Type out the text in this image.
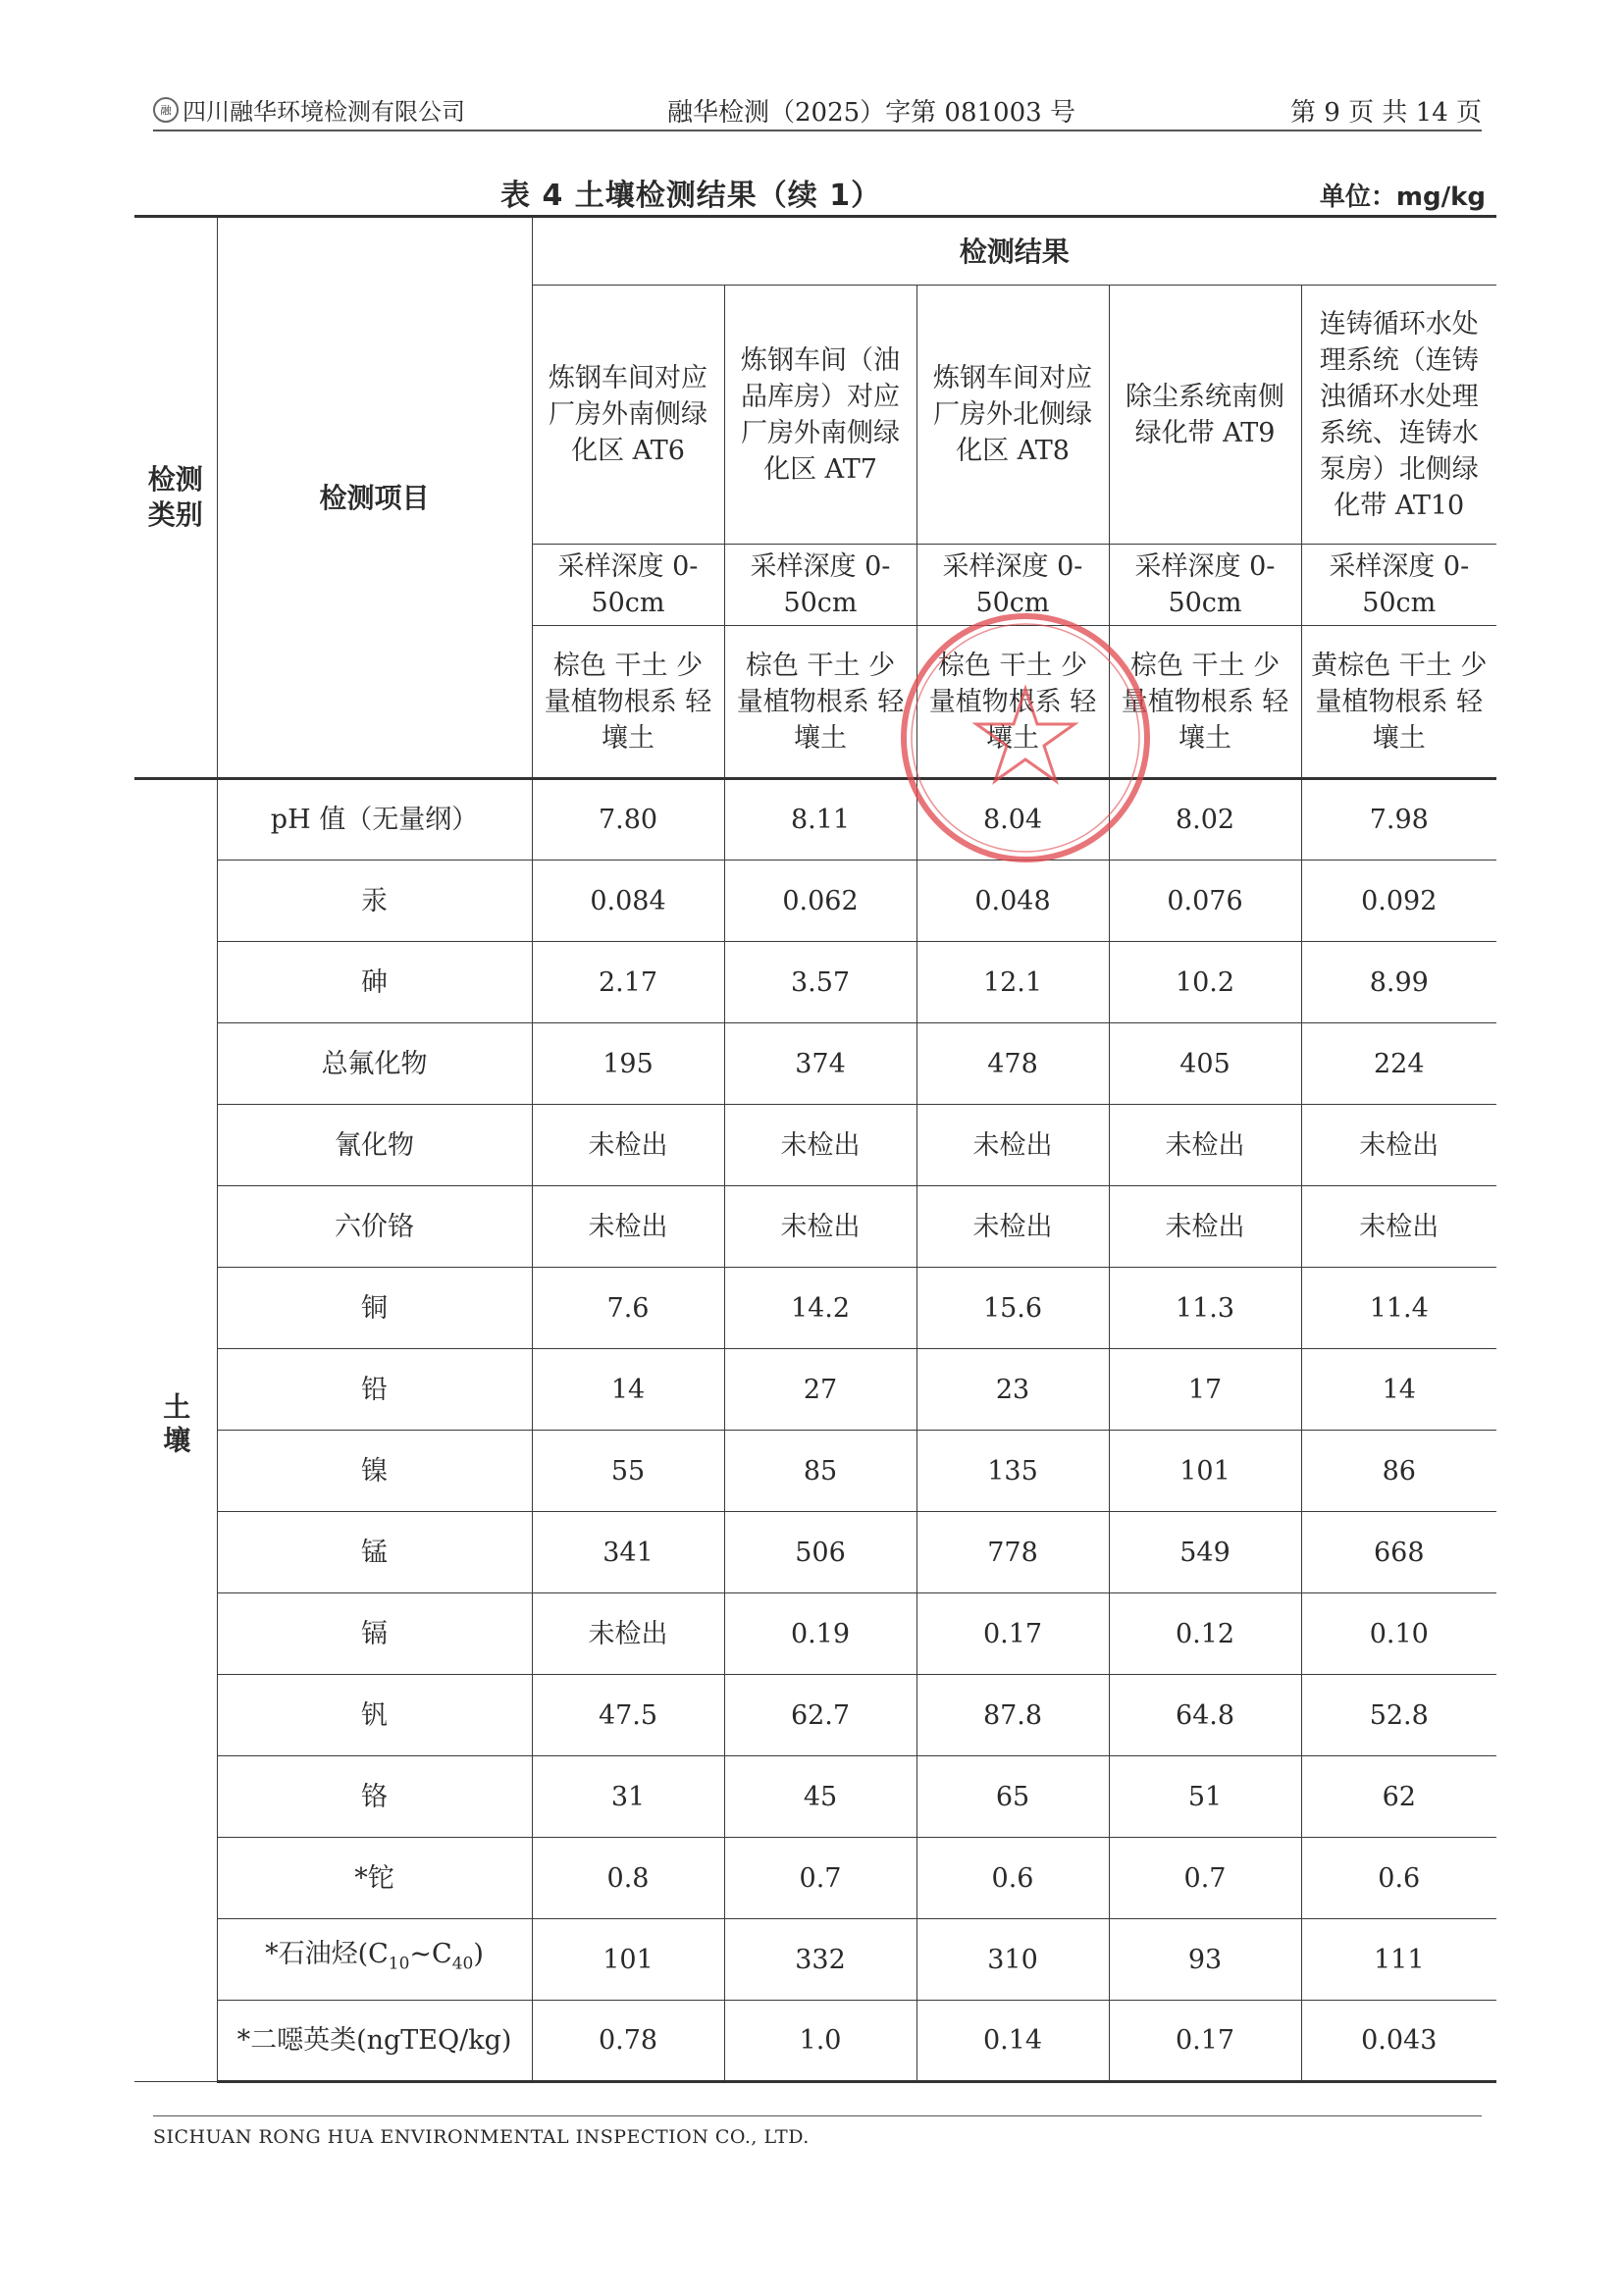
融 四川融华环境检测有限公司	融华检测（2025）字第 081003 号	第 9 页 共 14 页
表 4 土壤检测结果（续 1）	单位：mg/kg
检测类别	检测项目	检测结果				
		炼钢车间对应厂房外南侧绿化区 AT6	炼钢车间（油品库房）对应厂房外南侧绿化区 AT7	炼钢车间对应厂房外北侧绿化区 AT8	除尘系统南侧绿化带 AT9	连铸循环水处理系统（连铸浊循环水处理系统、连铸水泵房）北侧绿化带 AT10
		采样深度 0-50cm	采样深度 0-50cm	采样深度 0-50cm	采样深度 0-50cm	采样深度 0-50cm
		棕色 干土 少量植物根系 轻壤土	棕色 干土 少量植物根系 轻壤土	棕色 干土 少量植物根系 轻壤土	棕色 干土 少量植物根系 轻壤土	黄棕色 干土 少量植物根系 轻壤土
土壤	pH 值（无量纲）	7.80	8.11	8.04	8.02	7.98
	汞	0.084	0.062	0.048	0.076	0.092
	砷	2.17	3.57	12.1	10.2	8.99
	总氟化物	195	374	478	405	224
	氰化物	未检出	未检出	未检出	未检出	未检出
	六价铬	未检出	未检出	未检出	未检出	未检出
	铜	7.6	14.2	15.6	11.3	11.4
	铅	14	27	23	17	14
	镍	55	85	135	101	86
	锰	341	506	778	549	668
	镉	未检出	0.19	0.17	0.12	0.10
	钒	47.5	62.7	87.8	64.8	52.8
	铬	31	45	65	51	62
	*铊	0.8	0.7	0.6	0.7	0.6
	*石油烃$(C_{10}\sim C_{40})$	101	332	310	93	111
	*二噁英类(ngTEQ/kg)	0.78	1.0	0.14	0.17	0.043
SICHUAN RONG HUA ENVIRONMENTAL INSPECTION CO., LTD.
